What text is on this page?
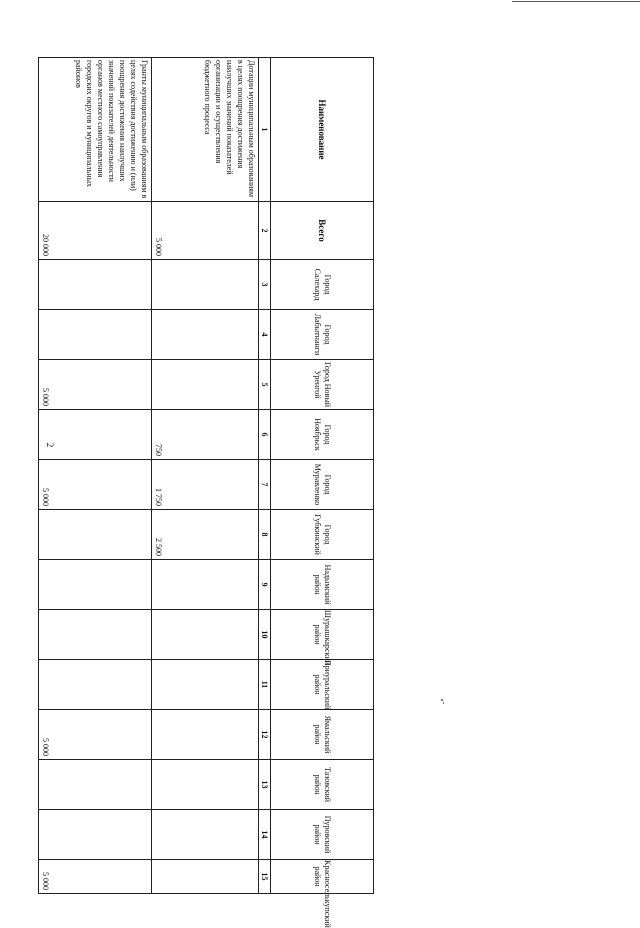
2
Наименование	Всего	Город Салехард	Город Лабытнанги	Город Новый Уренгой	Город Ноябрьск	Город Муравленко	Город Губкинский	Надымский район	Шурышкарский район	Приуральский район	Ямальский район	Тазовский район	Пуровский район	Красноселькупский район
1	2	3	4	5	6	7	8	9	10	11	12	13	14	15
Дотации муниципальным образованиям в целях поощрения достижения наилучших значений показателей организации и осуществления бюджетного процесса	5 000				750	1 750	2 500							

Гранты муниципальным образованиям в целях содействия достижению и (или) поощрения достижения наилучших значений показателей деятельности органов местного самоуправления городских округов и муниципальных районов	20 000			5 000		5 000					5 000			5 000
